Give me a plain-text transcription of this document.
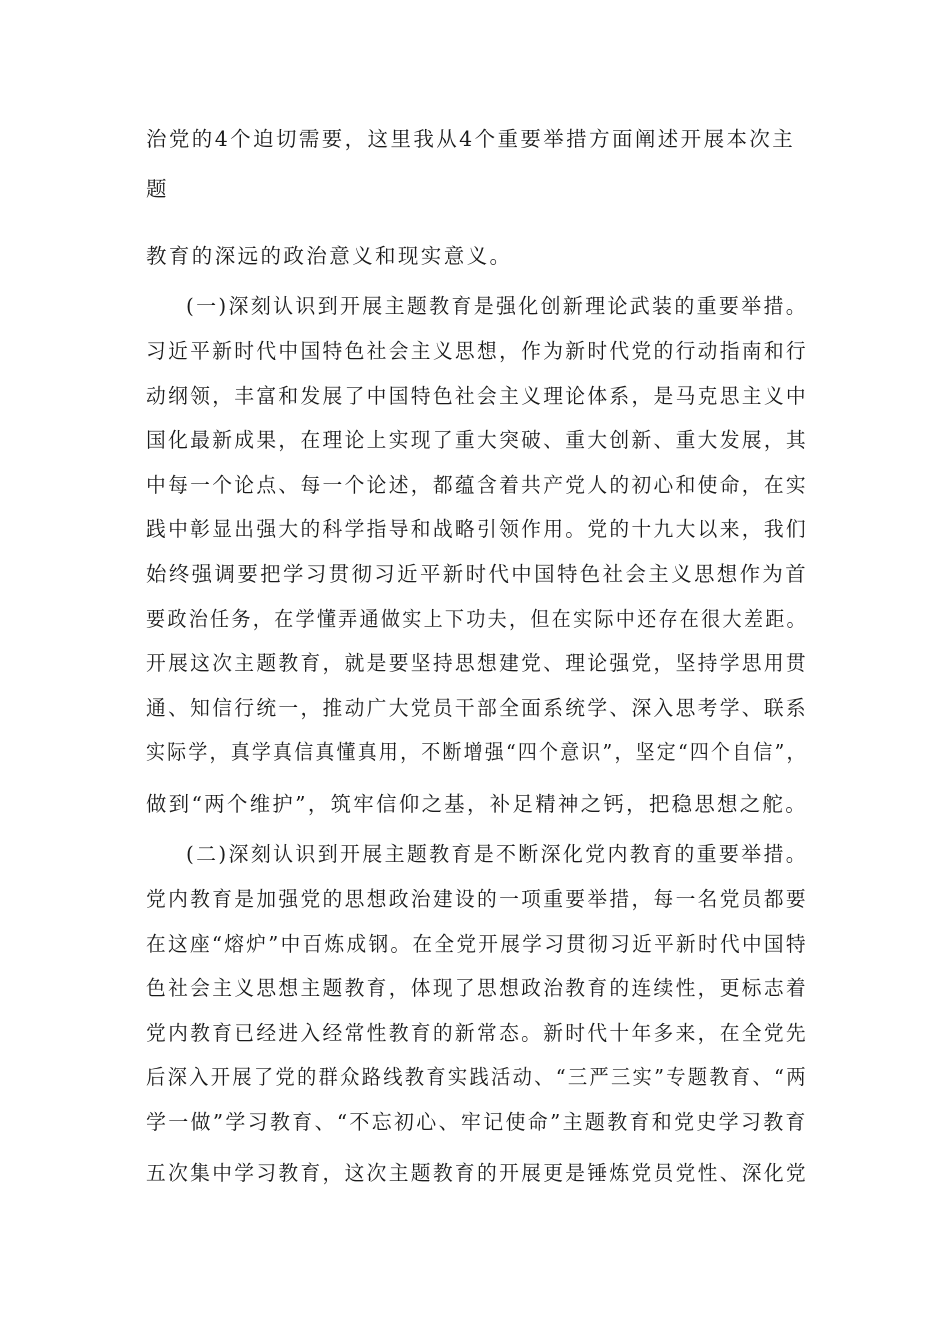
治党的4个迫切需要，这里我从4个重要举措方面阐述开展本次主
题
教育的深远的政治意义和现实意义。
(一)深刻认识到开展主题教育是强化创新理论武装的重要举措。
习近平新时代中国特色社会主义思想，作为新时代党的行动指南和行
动纲领，丰富和发展了中国特色社会主义理论体系，是马克思主义中
国化最新成果，在理论上实现了重大突破、重大创新、重大发展，其
中每一个论点、每一个论述，都蕴含着共产党人的初心和使命，在实
践中彰显出强大的科学指导和战略引领作用。党的十九大以来，我们
始终强调要把学习贯彻习近平新时代中国特色社会主义思想作为首
要政治任务，在学懂弄通做实上下功夫，但在实际中还存在很大差距。
开展这次主题教育，就是要坚持思想建党、理论强党，坚持学思用贯
通、知信行统一，推动广大党员干部全面系统学、深入思考学、联系
实际学，真学真信真懂真用，不断增强“四个意识”，坚定“四个自信”，
做到“两个维护”，筑牢信仰之基，补足精神之钙，把稳思想之舵。
(二)深刻认识到开展主题教育是不断深化党内教育的重要举措。
党内教育是加强党的思想政治建设的一项重要举措，每一名党员都要
在这座“熔炉”中百炼成钢。在全党开展学习贯彻习近平新时代中国特
色社会主义思想主题教育，体现了思想政治教育的连续性，更标志着
党内教育已经进入经常性教育的新常态。新时代十年多来，在全党先
后深入开展了党的群众路线教育实践活动、“三严三实”专题教育、“两
学一做”学习教育、“不忘初心、牢记使命”主题教育和党史学习教育
五次集中学习教育，这次主题教育的开展更是锤炼党员党性、深化党
